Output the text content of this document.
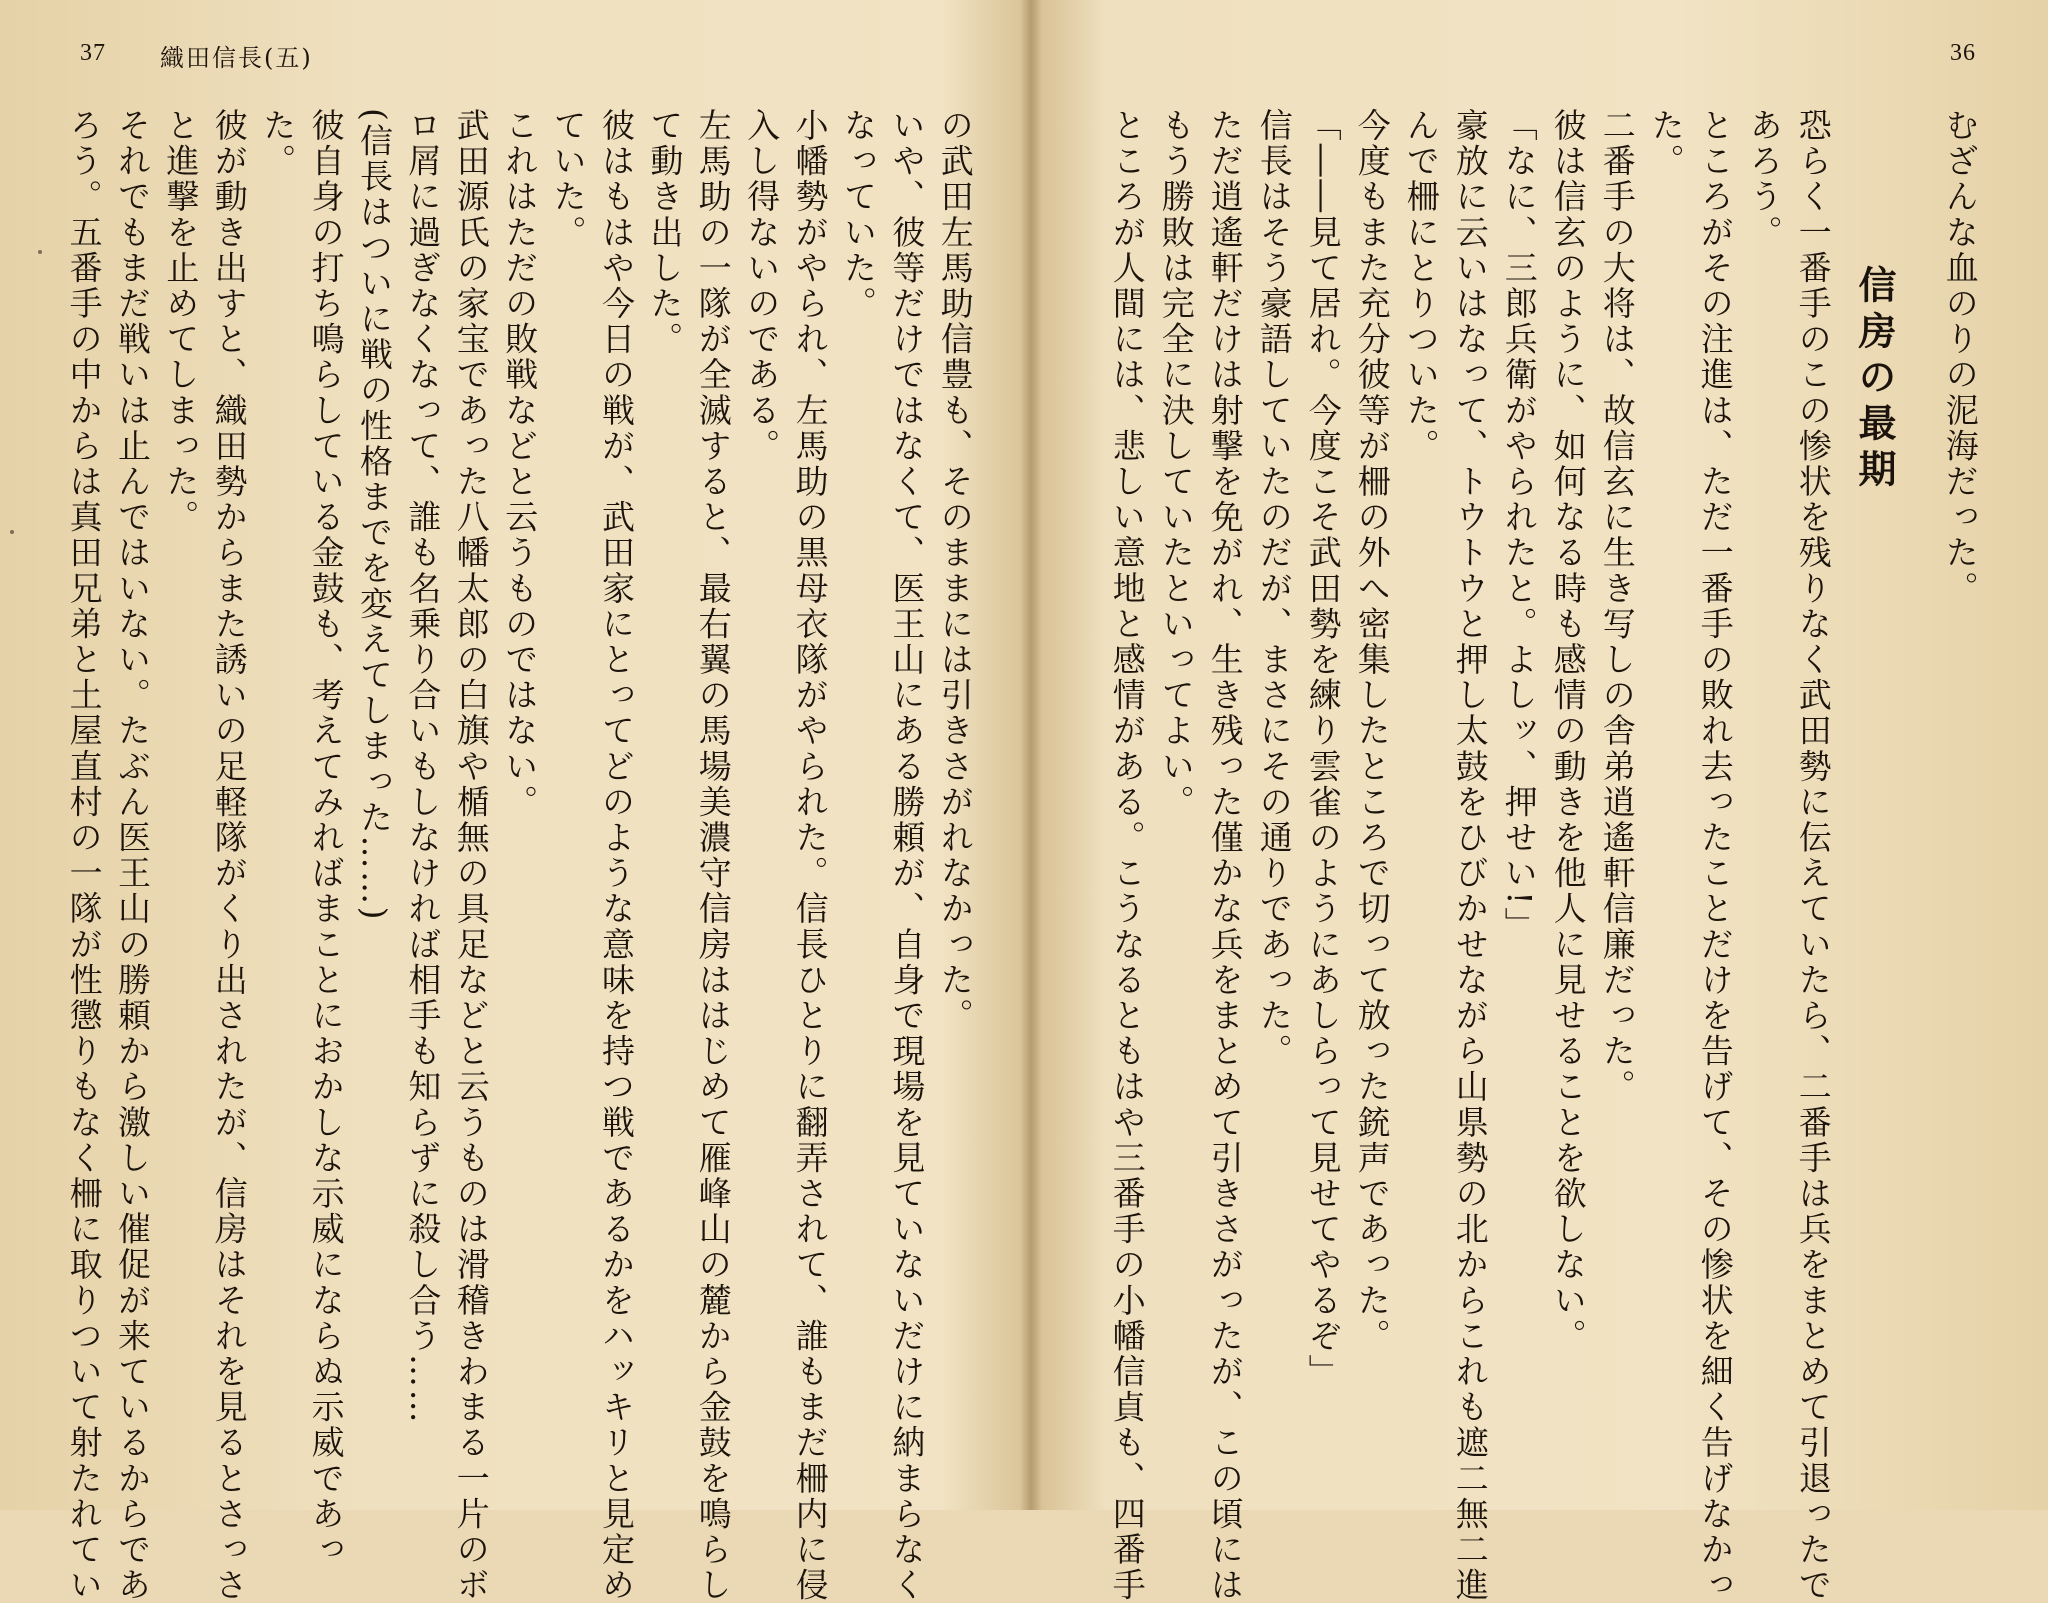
37 織田信長(五)
の武田左馬助信豊も、そのままには引きさがれなかった。
いや、彼等だけではなくて、医王山にある勝頼が、自身で現場を見ていないだけに納まらなく
なっていた。
小幡勢がやられ、左馬助の黒母衣隊がやられた。信長ひとりに翻弄されて、誰もまだ柵内に侵
入し得ないのである。
左馬助の一隊が全滅すると、最右翼の馬場美濃守信房ははじめて雁峰山の麓から金鼓を鳴らし
て動き出した。
彼はもはや今日の戦が、武田家にとってどのような意味を持つ戦であるかをハッキリと見定め
ていた。
これはただの敗戦などと云うものではない。
武田源氏の家宝であった八幡太郎の白旗や楯無の具足などと云うものは滑稽きわまる一片のボ
ロ屑に過ぎなくなって、誰も名乗り合いもしなければ相手も知らずに殺し合う……
(信長はついに戦の性格までを変えてしまった……)
彼自身の打ち鳴らしている金鼓も、考えてみればまことにおかしな示威にならぬ示威であっ
た。
彼が動き出すと、織田勢からまた誘いの足軽隊がくり出されたが、信房はそれを見るとさっさ
と進撃を止めてしまった。
それでもまだ戦いは止んではいない。たぶん医王山の勝頼から激しい催促が来ているからであ
ろう。五番手の中からは真田兄弟と土屋直村の一隊が性懲りもなく柵に取りついて射たれてい
36
むざんな血のりの泥海だった。
信房の最期
恐らく一番手のこの惨状を残りなく武田勢に伝えていたら、二番手は兵をまとめて引退ったで
あろう。
ところがその注進は、ただ一番手の敗れ去ったことだけを告げて、その惨状を細く告げなかっ
た。
二番手の大将は、故信玄に生き写しの舎弟逍遙軒信廉だった。
彼は信玄のように、如何なる時も感情の動きを他人に見せることを欲しない。
「なに、三郎兵衛がやられたと。よしッ、押せい!」
豪放に云いはなって、トウトウと押し太鼓をひびかせながら山県勢の北からこれも遮二無二進
んで柵にとりついた。
今度もまた充分彼等が柵の外へ密集したところで切って放った銃声であった。
「――見て居れ。今度こそ武田勢を練り雲雀のようにあしらって見せてやるぞ」
信長はそう豪語していたのだが、まさにその通りであった。
ただ逍遙軒だけは射撃を免がれ、生き残った僅かな兵をまとめて引きさがったが、この頃には
もう勝敗は完全に決していたといってよい。
ところが人間には、悲しい意地と感情がある。こうなるともはや三番手の小幡信貞も、四番手
